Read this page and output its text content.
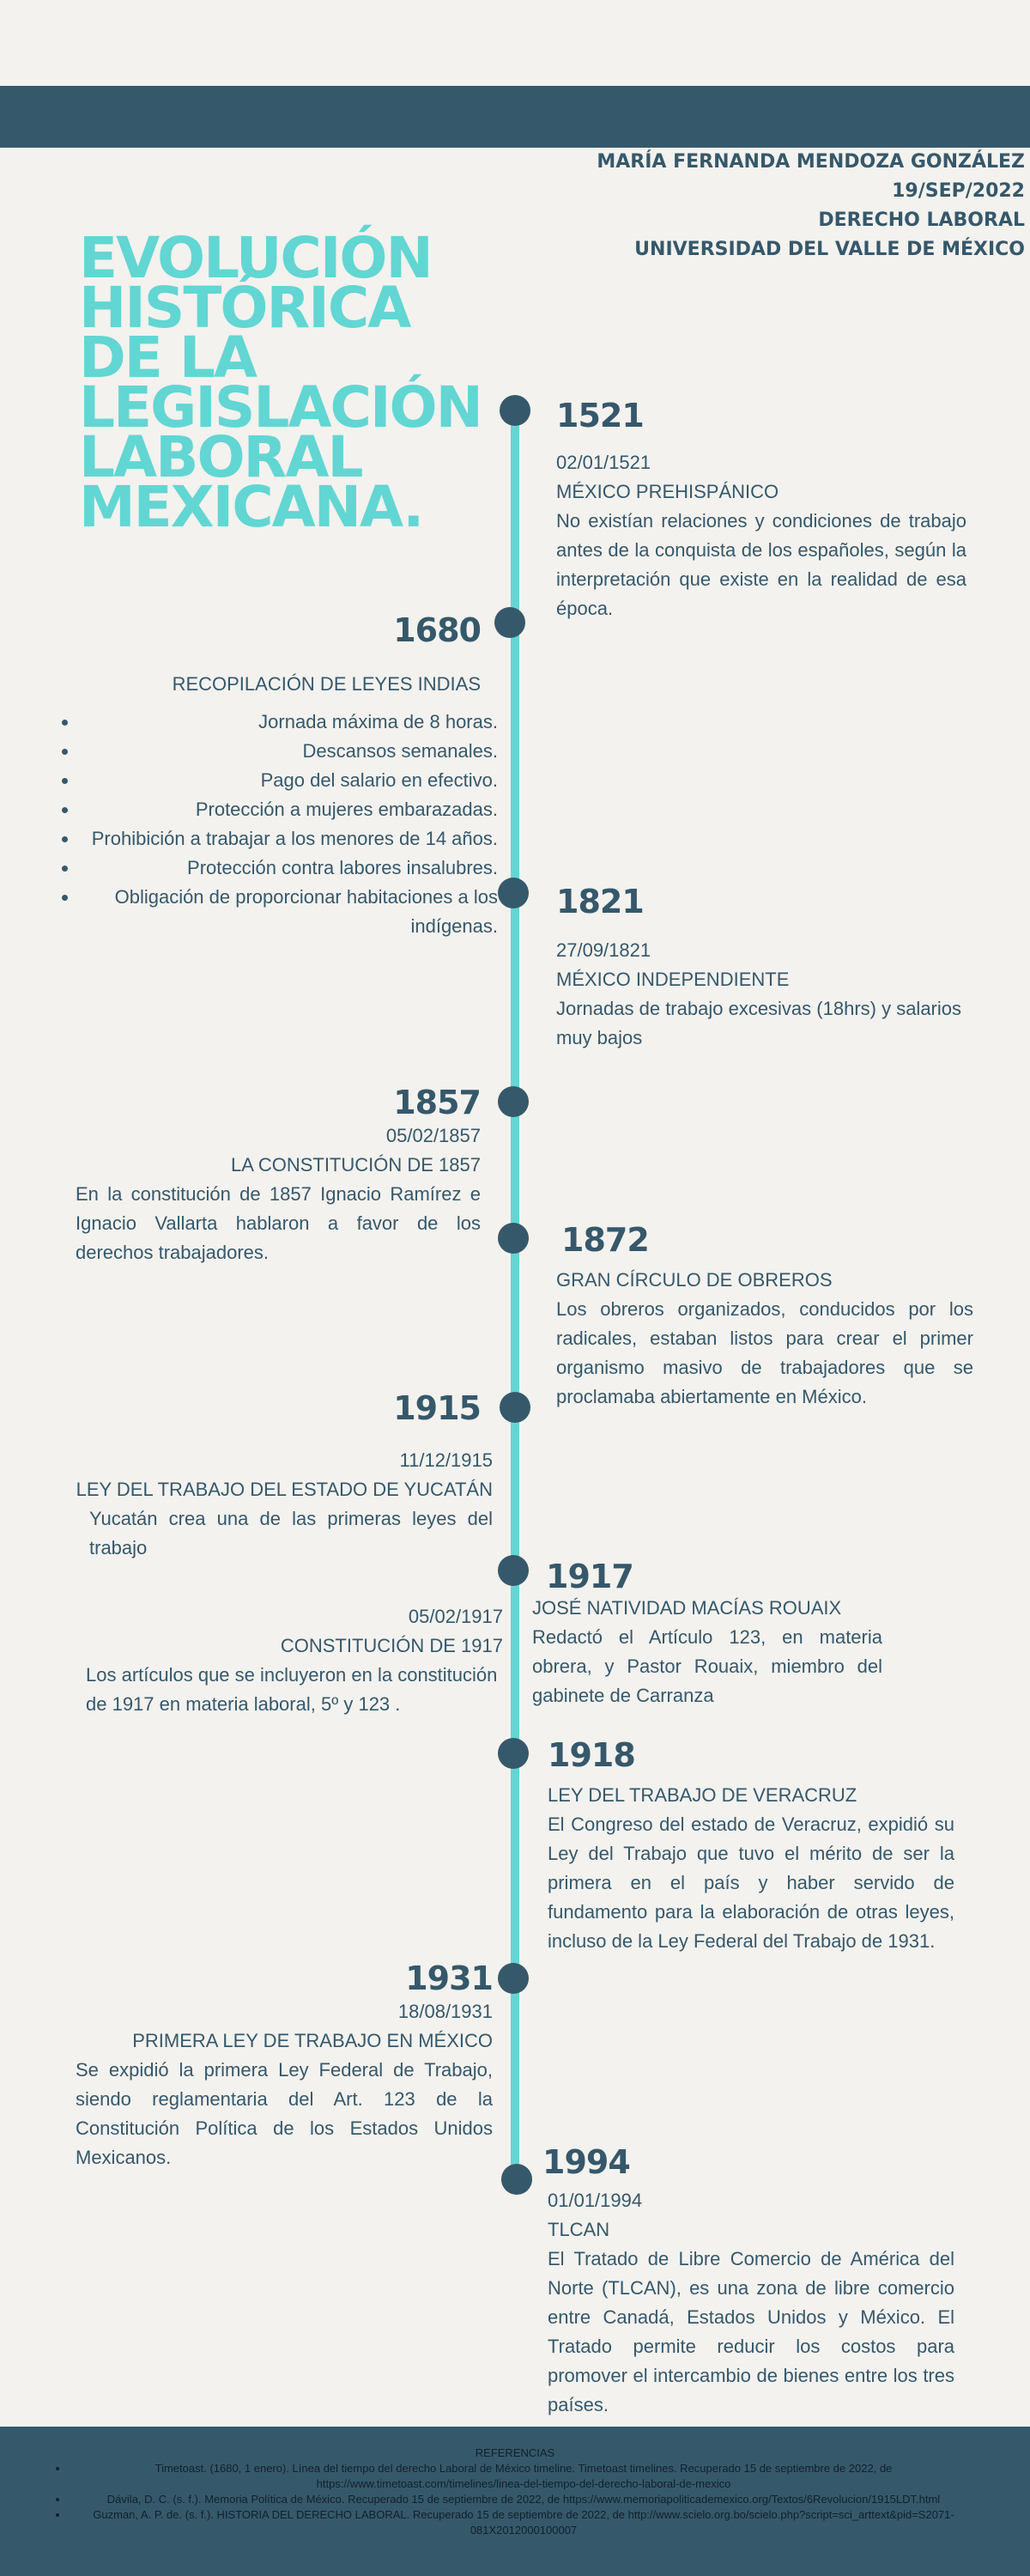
MARÍA FERNANDA MENDOZA GONZÁLEZ
19/SEP/2022
DERECHO LABORAL
UNIVERSIDAD DEL VALLE DE MÉXICO
EVOLUCIÓN
HISTÓRICA
DE LA
LEGISLACIÓN
LABORAL
MEXICANA.
1521
02/01/1521
MÉXICO PREHISPÁNICO
No existían relaciones y condiciones de trabajo antes de la conquista de los españoles, según la interpretación que existe en la realidad de esa época.
1680
RECOPILACIÓN DE LEYES INDIAS
• Jornada máxima de 8 horas.
• Descansos semanales.
• Pago del salario en efectivo.
• Protección a mujeres embarazadas.
• Prohibición a trabajar a los menores de 14 años.
• Protección contra labores insalubres.
• Obligación de proporcionar habitaciones a los indígenas.
1821
27/09/1821
MÉXICO INDEPENDIENTE
Jornadas de trabajo excesivas (18hrs) y salarios muy bajos
1857
05/02/1857
LA CONSTITUCIÓN DE 1857
En la constitución de 1857 Ignacio Ramírez e Ignacio Vallarta hablaron a favor de los derechos trabajadores.	1872
GRAN CÍRCULO DE OBREROS
Los obreros organizados, conducidos por los radicales, estaban listos para crear el primer organismo masivo de trabajadores que se proclamaba abiertamente en México.
1915
11/12/1915
LEY DEL TRABAJO DEL ESTADO DE YUCATÁN
Yucatán crea una de las primeras leyes del trabajo
1917
JOSÉ NATIVIDAD MACÍAS ROUAIX
Redactó el Artículo 123, en materia obrera, y Pastor Rouaix, miembro del gabinete de Carranza
05/02/1917
CONSTITUCIÓN DE 1917
Los artículos que se incluyeron en la constitución de 1917 en materia laboral, 5º y 123 .
1918
LEY DEL TRABAJO DE VERACRUZ
El Congreso del estado de Veracruz, expidió su Ley del Trabajo que tuvo el mérito de ser la primera en el país y haber servido de fundamento para la elaboración de otras leyes, incluso de la Ley Federal del Trabajo de 1931.
1931
18/08/1931
PRIMERA LEY DE TRABAJO EN MÉXICO
Se expidió la primera Ley Federal de Trabajo, siendo reglamentaria del Art. 123 de la Constitución Política de los Estados Unidos Mexicanos.	1994
01/01/1994
TLCAN
El Tratado de Libre Comercio de América del Norte (TLCAN), es una zona de libre comercio entre Canadá, Estados Unidos y México. El Tratado permite reducir los costos para promover el intercambio de bienes entre los tres países.
REFERENCIAS
• Timetoast. (1680, 1 enero). Línea del tiempo del derecho Laboral de México timeline. Timetoast timelines. Recuperado 15 de septiembre de 2022, de https://www.timetoast.com/timelines/linea-del-tiempo-del-derecho-laboral-de-mexico
• Dávila, D. C. (s. f.). Memoria Política de México. Recuperado 15 de septiembre de 2022, de https://www.memoriapoliticademexico.org/Textos/6Revolucion/1915LDT.html
• Guzman, A. P. de. (s. f.). HISTORIA DEL DERECHO LABORAL. Recuperado 15 de septiembre de 2022, de http://www.scielo.org.bo/scielo.php?script=sci_arttext&pid=S2071-081X2012000100007
